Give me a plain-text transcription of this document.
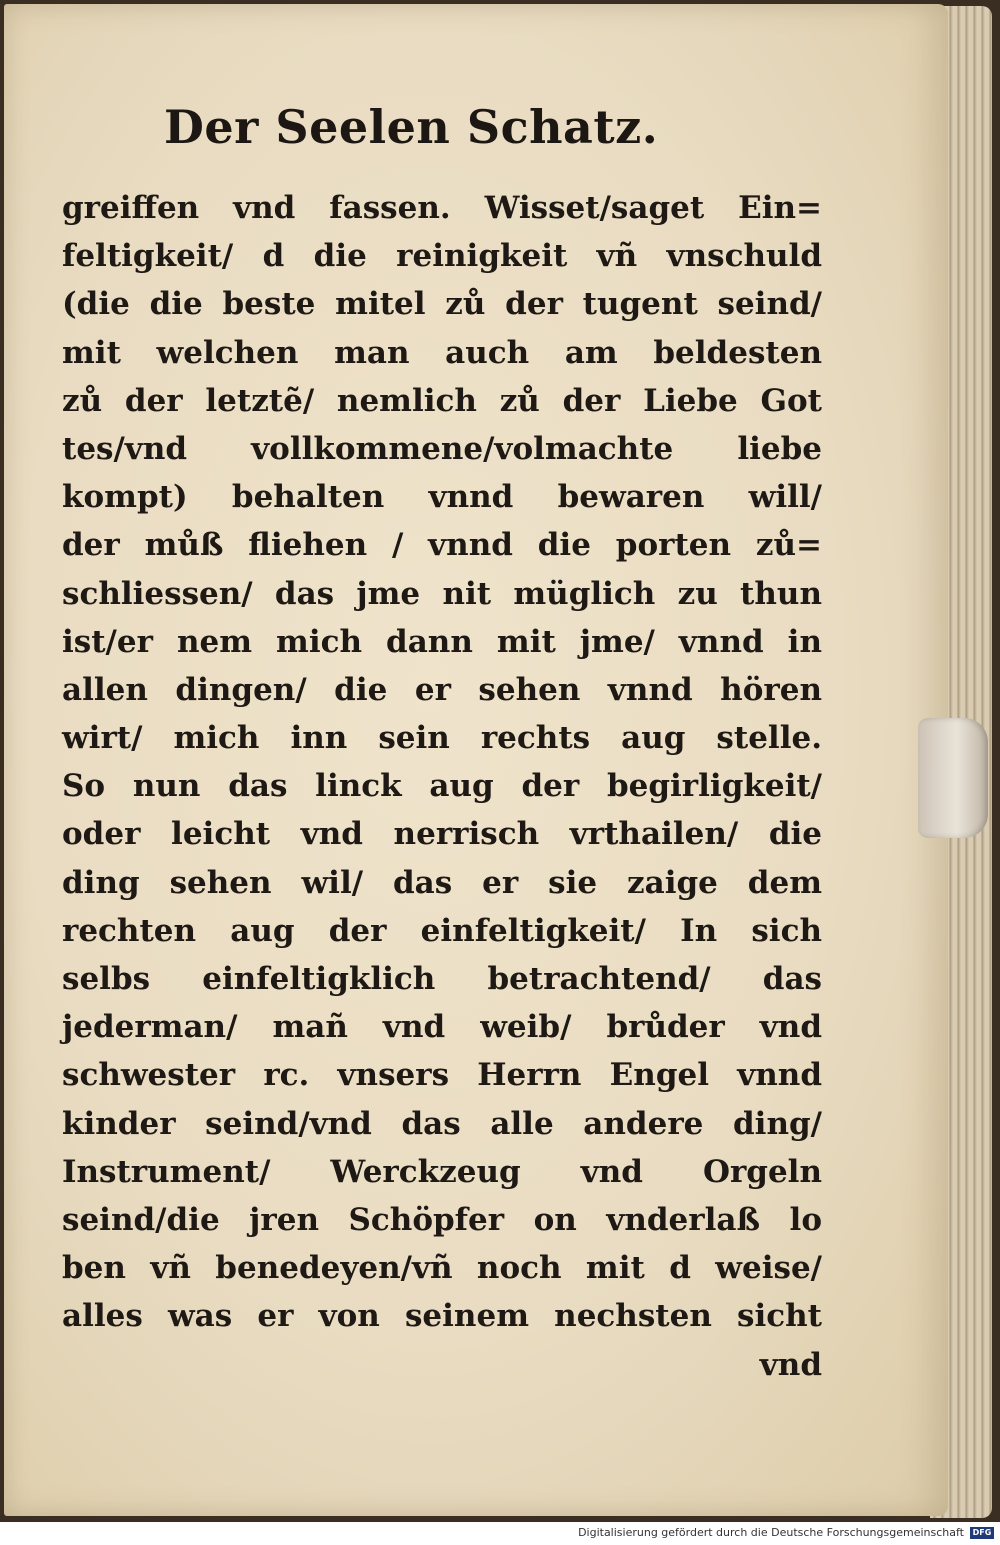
Der Seelen Schatz.
greiffen vnd fassen. Wisset/saget Ein=
feltigkeit/ d die reinigkeit vñ vnschuld
(die die beste mitel zů der tugent seind/
mit welchen man auch am beldesten
zů der letztẽ/ nemlich zů der Liebe Got
tes/vnd vollkommene/volmachte liebe
kompt) behalten vnnd bewaren will/
der můß fliehen / vnnd die porten zů=
schliessen/ das jme nit müglich zu thun
ist/er nem mich dann mit jme/ vnnd in
allen dingen/ die er sehen vnnd hören
wirt/ mich inn sein rechts aug stelle.
So nun das linck aug der begirligkeit/
oder leicht vnd nerrisch vrthailen/ die
ding sehen wil/ das er sie zaige dem
rechten aug der einfeltigkeit/ In sich
selbs einfeltigklich betrachtend/ das
jederman/ mañ vnd weib/ brůder vnd
schwester rc. vnsers Herrn Engel vnnd
kinder seind/vnd das alle andere ding/
Instrument/ Werckzeug vnd Orgeln
seind/die jren Schöpfer on vnderlaß lo
ben vñ benedeyen/vñ noch mit d weise/
alles was er von seinem nechsten sicht
vnd
Digitalisierung gefördert durch die Deutsche Forschungsgemeinschaft	DFG
